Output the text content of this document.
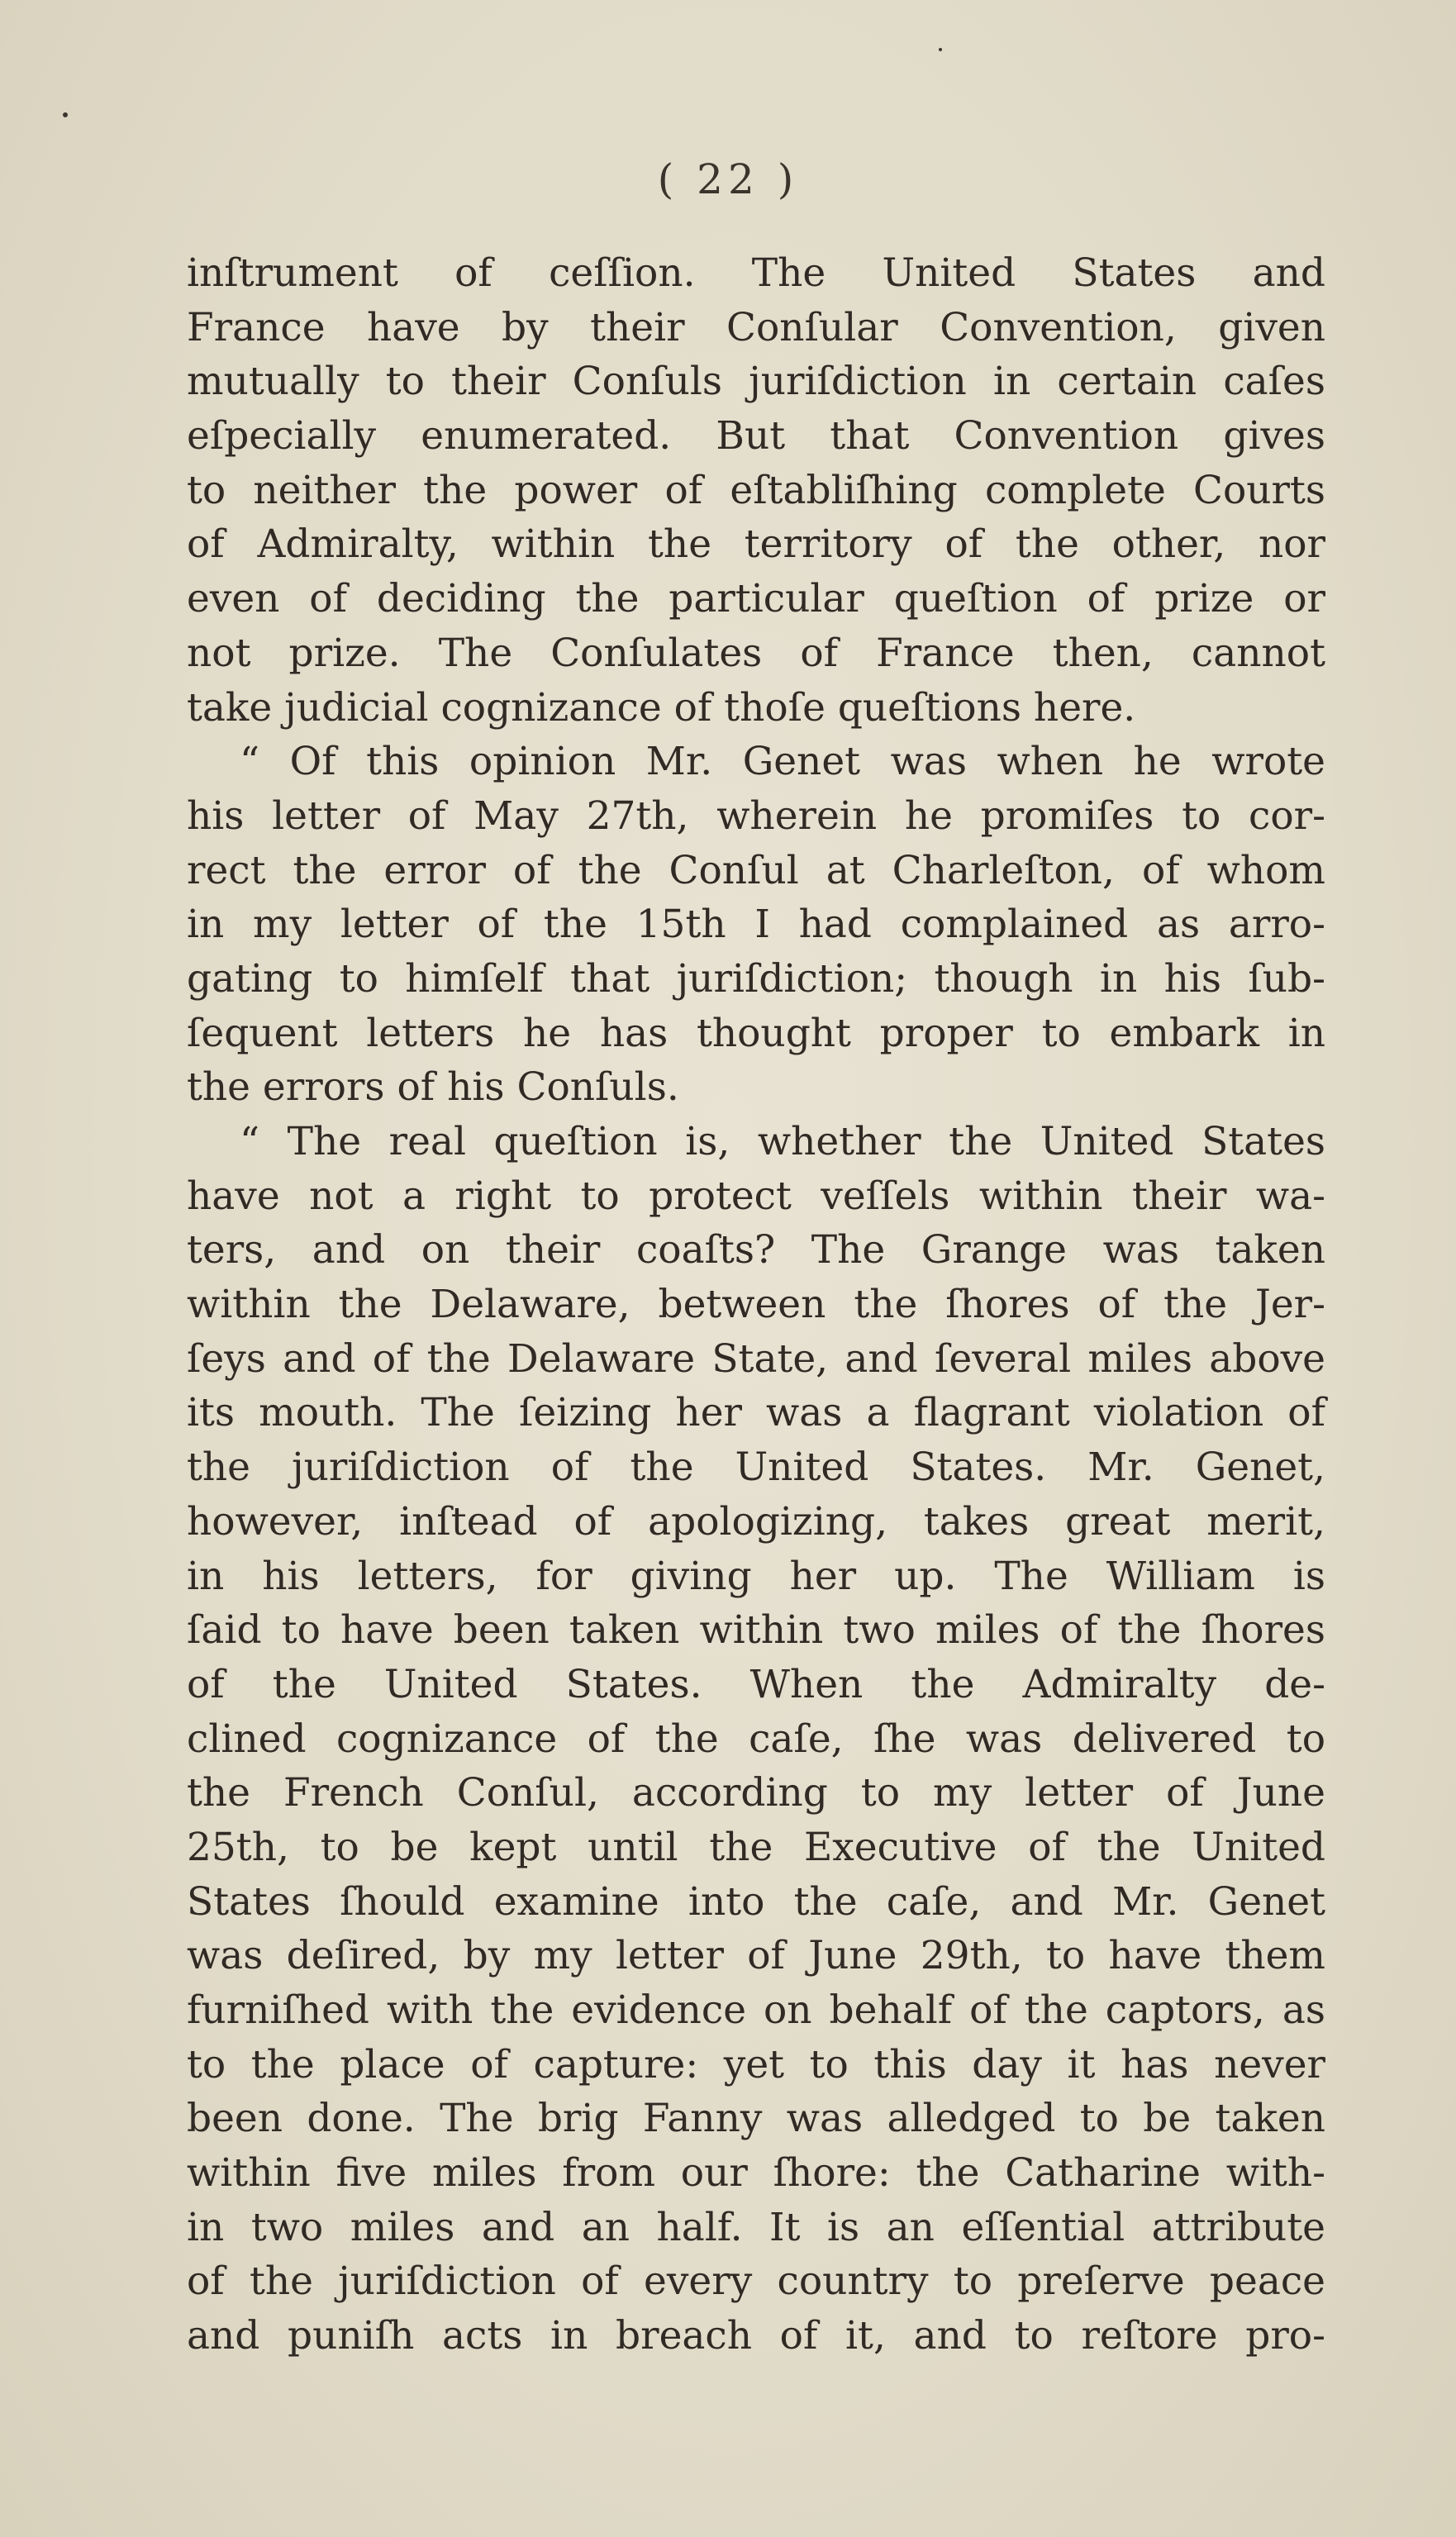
( 22 )
inſtrument of ceſſion. The United States and
France have by their Conſular Convention, given
mutually to their Conſuls juriſdiction in certain caſes
eſpecially enumerated. But that Convention gives
to neither the power of eſtabliſhing complete Courts
of Admiralty, within the territory of the other, nor
even of deciding the particular queſtion of prize or
not prize. The Conſulates of France then, cannot
take judicial cognizance of thoſe queſtions here.
“ Of this opinion Mr. Genet was when he wrote
his letter of May 27th, wherein he promiſes to cor-
rect the error of the Conſul at Charleſton, of whom
in my letter of the 15th I had complained as arro-
gating to himſelf that juriſdiction; though in his ſub-
ſequent letters he has thought proper to embark in
the errors of his Conſuls.
“ The real queſtion is, whether the United States
have not a right to protect veſſels within their wa-
ters, and on their coaſts? The Grange was taken
within the Delaware, between the ſhores of the Jer-
ſeys and of the Delaware State, and ſeveral miles above
its mouth. The ſeizing her was a flagrant violation of
the juriſdiction of the United States. Mr. Genet,
however, inſtead of apologizing, takes great merit,
in his letters, for giving her up. The William is
ſaid to have been taken within two miles of the ſhores
of the United States. When the Admiralty de-
clined cognizance of the caſe, ſhe was delivered to
the French Conſul, according to my letter of June
25th, to be kept until the Executive of the United
States ſhould examine into the caſe, and Mr. Genet
was deſired, by my letter of June 29th, to have them
furniſhed with the evidence on behalf of the captors, as
to the place of capture: yet to this day it has never
been done. The brig Fanny was alledged to be taken
within five miles from our ſhore: the Catharine with-
in two miles and an half. It is an eſſential attribute
of the juriſdiction of every country to preſerve peace
and puniſh acts in breach of it, and to reſtore pro-
